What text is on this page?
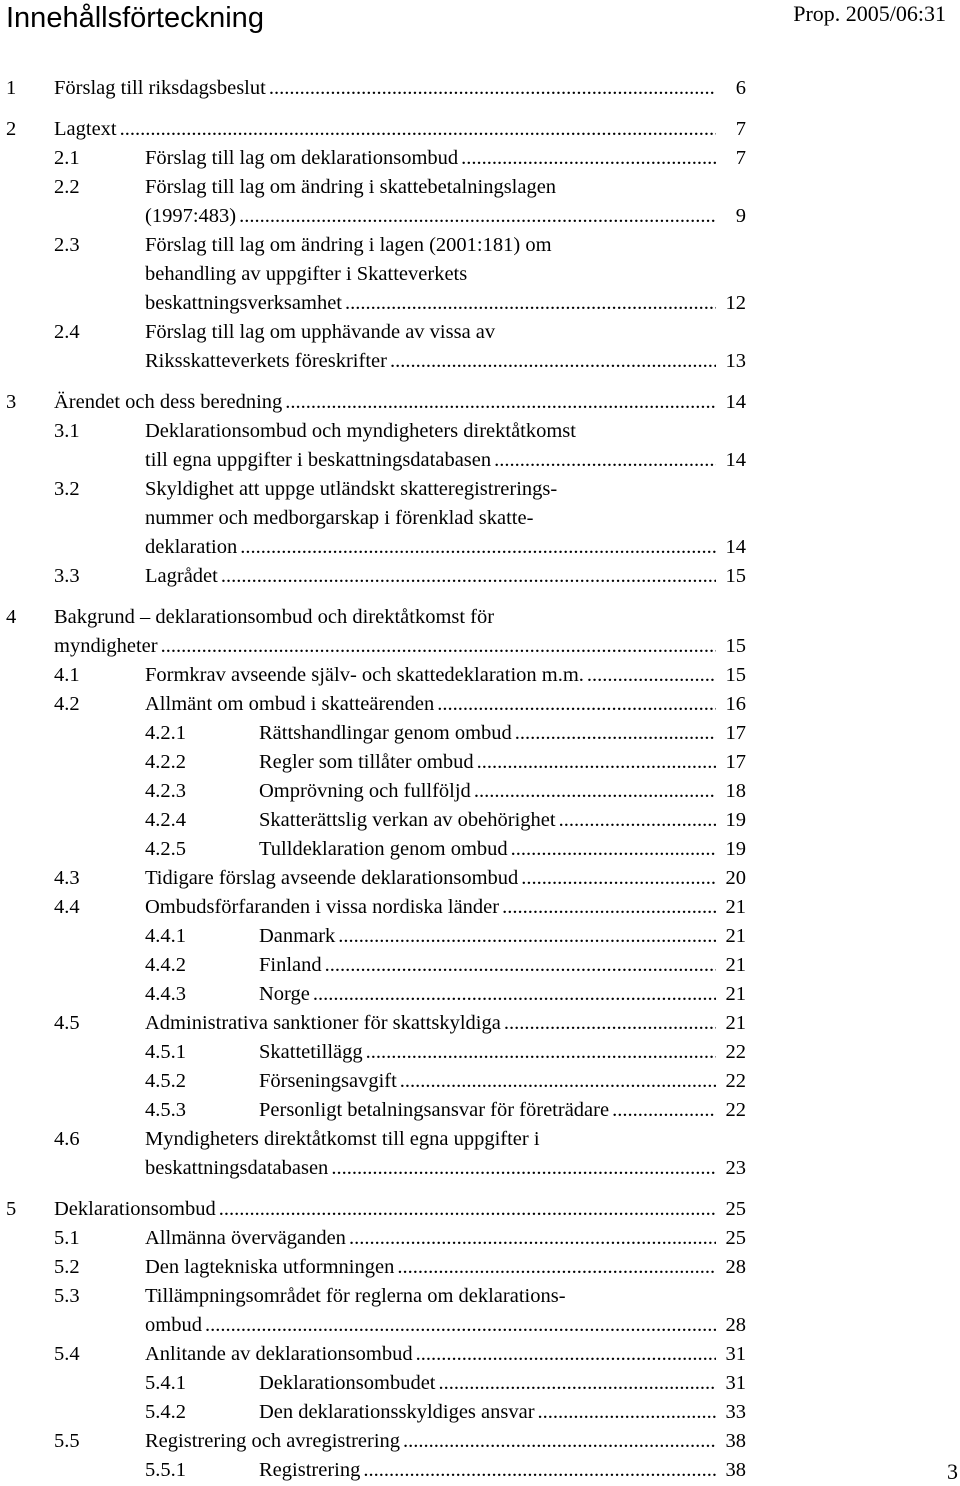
Innehållsförteckning	Prop. 2005/06:31
1 Förslag till riksdagsbeslut .....	6
2 Lagtext .....	7
2.1	Förslag till lag om deklarationsombud .....	7
2.2	Förslag till lag om ändring i skattebetalningslagen
(1997:483) .....	9
2.3	Förslag till lag om ändring i lagen (2001:181) om
behandling av uppgifter i Skatteverkets
beskattningsverksamhet .....	12
2.4	Förslag till lag om upphävande av vissa av
Riksskatteverkets föreskrifter .....	13
3 Ärendet och dess beredning .....	14
3.1	Deklarationsombud och myndigheters direktåtkomst
till egna uppgifter i beskattningsdatabasen .....	14
3.2	Skyldighet att uppge utländskt skatteregistrerings-
nummer och medborgarskap i förenklad skatte-
deklaration .....	14
3.3	Lagrådet .....	15
4 Bakgrund – deklarationsombud och direktåtkomst för
myndigheter .....	15
4.1	Formkrav avseende själv- och skattedeklaration m.m. .....	15
4.2	Allmänt om ombud i skatteärenden .....	16
4.2.1	Rättshandlingar genom ombud .....	17
4.2.2	Regler som tillåter ombud .....	17
4.2.3	Omprövning och fullföljd .....	18
4.2.4	Skatterättslig verkan av obehörighet .....	19
4.2.5	Tulldeklaration genom ombud .....	19
4.3	Tidigare förslag avseende deklarationsombud .....	20
4.4	Ombudsförfaranden i vissa nordiska länder .....	21
4.4.1	Danmark .....	21
4.4.2	Finland .....	21
4.4.3	Norge .....	21
4.5	Administrativa sanktioner för skattskyldiga .....	21
4.5.1	Skattetillägg .....	22
4.5.2	Förseningsavgift .....	22
4.5.3	Personligt betalningsansvar för företrädare .....	22
4.6	Myndigheters direktåtkomst till egna uppgifter i
beskattningsdatabasen .....	23
5 Deklarationsombud .....	25
5.1	Allmänna överväganden .....	25
5.2	Den lagtekniska utformningen .....	28
5.3	Tillämpningsområdet för reglerna om deklarations-
ombud .....	28
5.4	Anlitande av deklarationsombud .....	31
5.4.1	Deklarationsombudet .....	31
5.4.2	Den deklarationsskyldiges ansvar .....	33
5.5	Registrering och avregistrering .....	38
5.5.1	Registrering .....	38	3
